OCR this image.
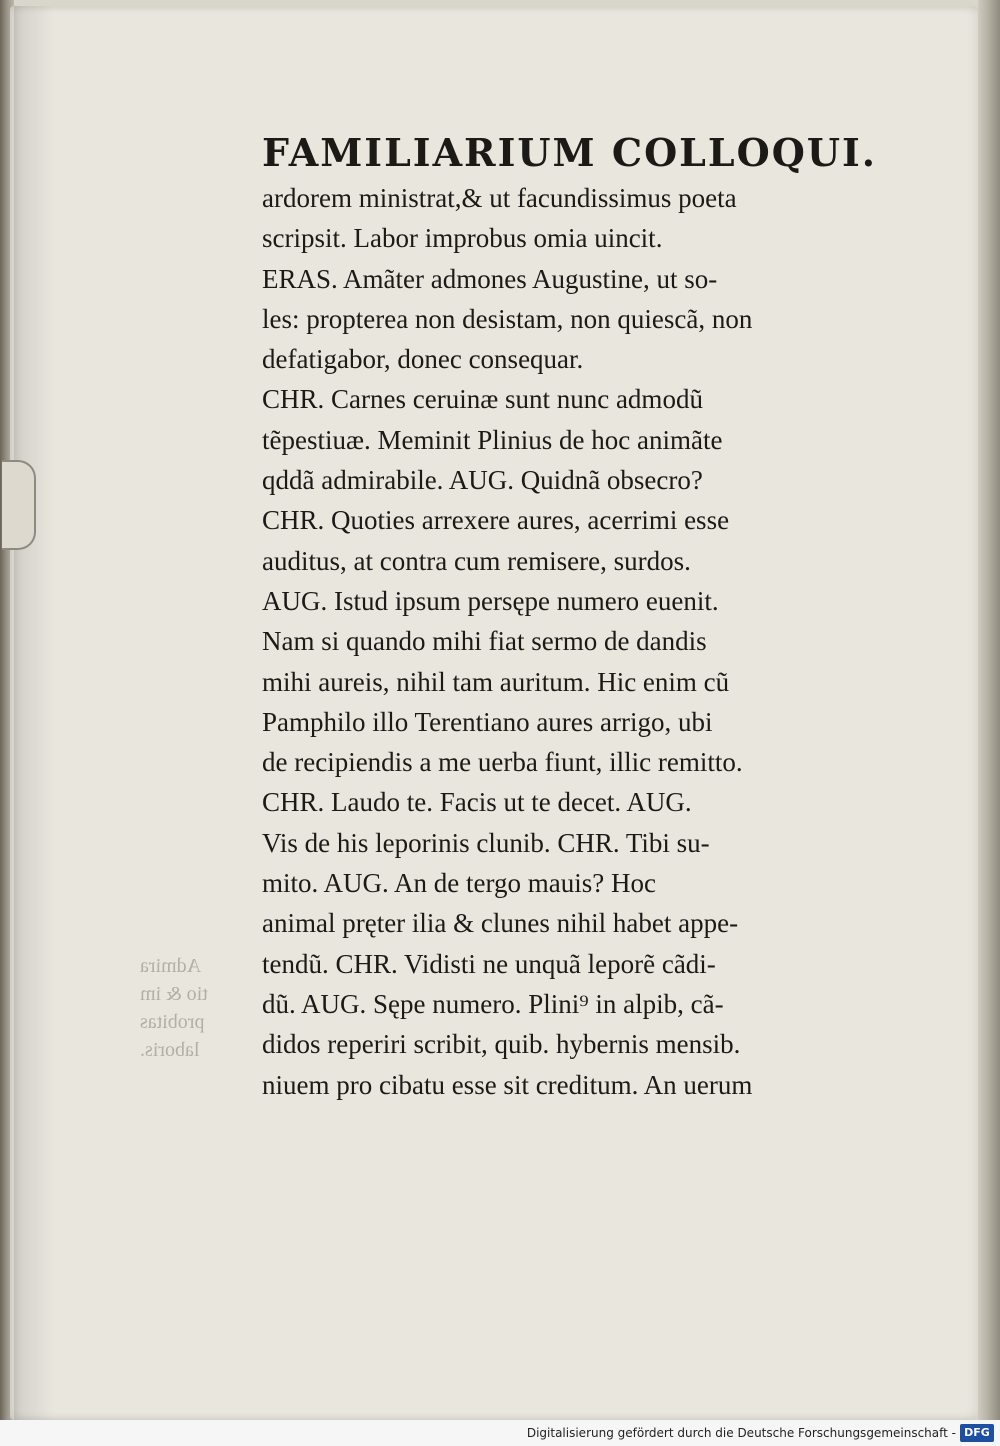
Admira
tio & im
probitas
laboris.
FAMILIARIUM COLLOQUI.
ardorem ministrat,& ut facundissimus poeta
scripsit. Labor improbus omia uincit.
ERAS. Amãter admones Augustine, ut so-
les: propterea non desistam, non quiescã, non
defatigabor, donec consequar.
CHR. Carnes ceruinæ sunt nunc admodũ
tẽpestiuæ. Meminit Plinius de hoc animãte
qddã admirabile. AUG. Quidnã obsecro?
CHR. Quoties arrexere aures, acerrimi esse
auditus, at contra cum remisere, surdos.
AUG. Istud ipsum persępe numero euenit.
Nam si quando mihi fiat sermo de dandis
mihi aureis, nihil tam auritum. Hic enim cũ
Pamphilo illo Terentiano aures arrigo, ubi
de recipiendis a me uerba fiunt, illic remitto.
CHR. Laudo te. Facis ut te decet. AUG.
Vis de his leporinis clunib. CHR. Tibi su-
mito. AUG. An de tergo mauis? Hoc
animal pręter ilia & clunes nihil habet appe-
tendũ. CHR. Vidisti ne unquã leporẽ cãdi-
dũ. AUG. Sępe numero. Plini⁹ in alpib, cã-
didos reperiri scribit, quib. hybernis mensib.
niuem pro cibatu esse sit creditum. An uerum
Digitalisierung gefördert durch die Deutsche Forschungsgemeinschaft - DFG
